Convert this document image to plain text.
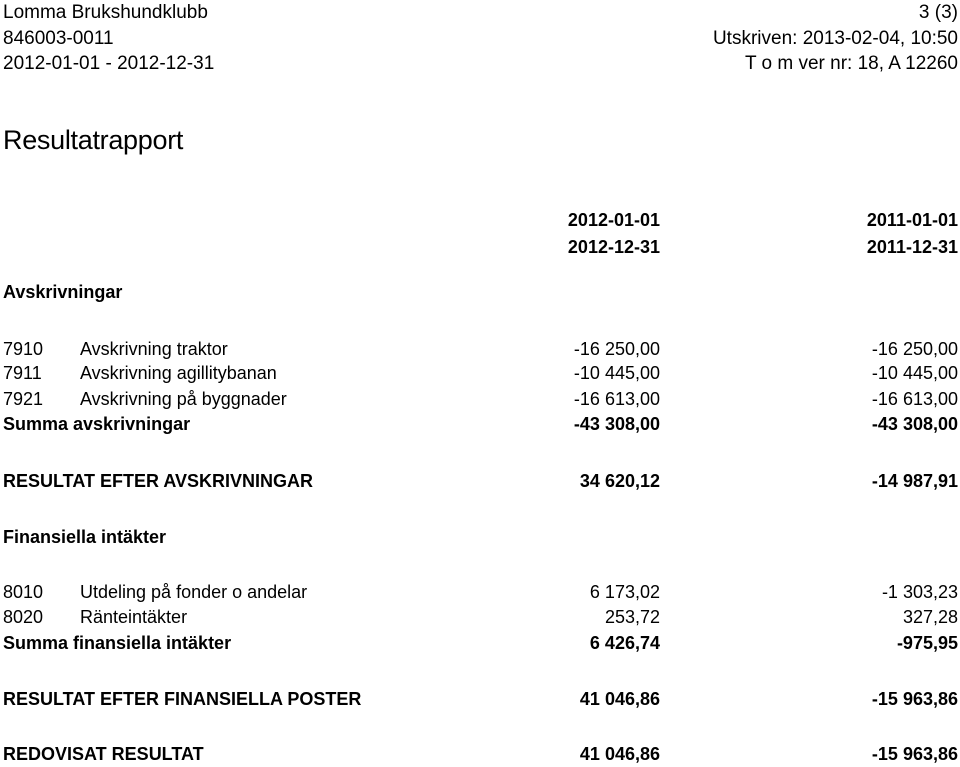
Lomma Brukshundklubb	3 (3)
846003-0011	Utskriven: 2013-02-04, 10:50
2012-01-01 - 2012-12-31	T o m ver nr: 18, A 12260
Resultatrapport
2012-01-01	2011-01-01
2012-12-31	2011-12-31
Avskrivningar
7910 Avskrivning traktor	-16 250,00	-16 250,00
7911 Avskrivning agillitybanan	-10 445,00	-10 445,00
7921 Avskrivning på byggnader	-16 613,00	-16 613,00
Summa avskrivningar	-43 308,00	-43 308,00
RESULTAT EFTER AVSKRIVNINGAR	34 620,12	-14 987,91
Finansiella intäkter
8010 Utdeling på fonder o andelar	6 173,02	-1 303,23
8020 Ränteintäkter	253,72	327,28
Summa finansiella intäkter	6 426,74	-975,95
RESULTAT EFTER FINANSIELLA POSTER	41 046,86	-15 963,86
REDOVISAT RESULTAT	41 046,86	-15 963,86
